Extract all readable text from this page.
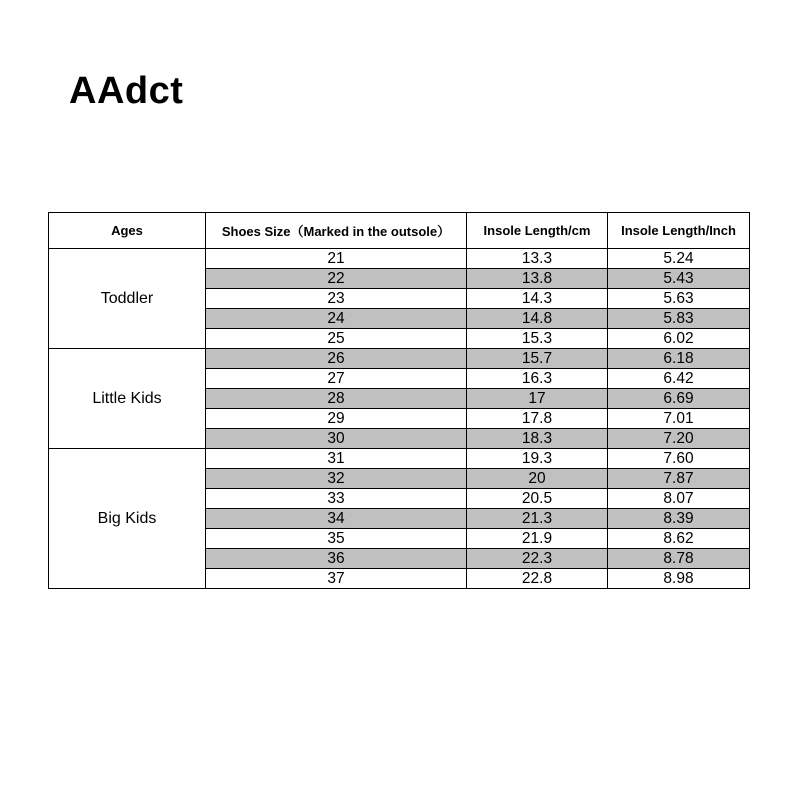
AAdct
Ages	Shoes Size（Marked in the outsole）	Insole Length/cm	Insole Length/Inch
Toddler	21	13.3	5.24
	22	13.8	5.43
	23	14.3	5.63
	24	14.8	5.83
	25	15.3	6.02
Little Kids	26	15.7	6.18
	27	16.3	6.42
	28	17	6.69
	29	17.8	7.01
	30	18.3	7.20
Big Kids	31	19.3	7.60
	32	20	7.87
	33	20.5	8.07
	34	21.3	8.39
	35	21.9	8.62
	36	22.3	8.78
	37	22.8	8.98
